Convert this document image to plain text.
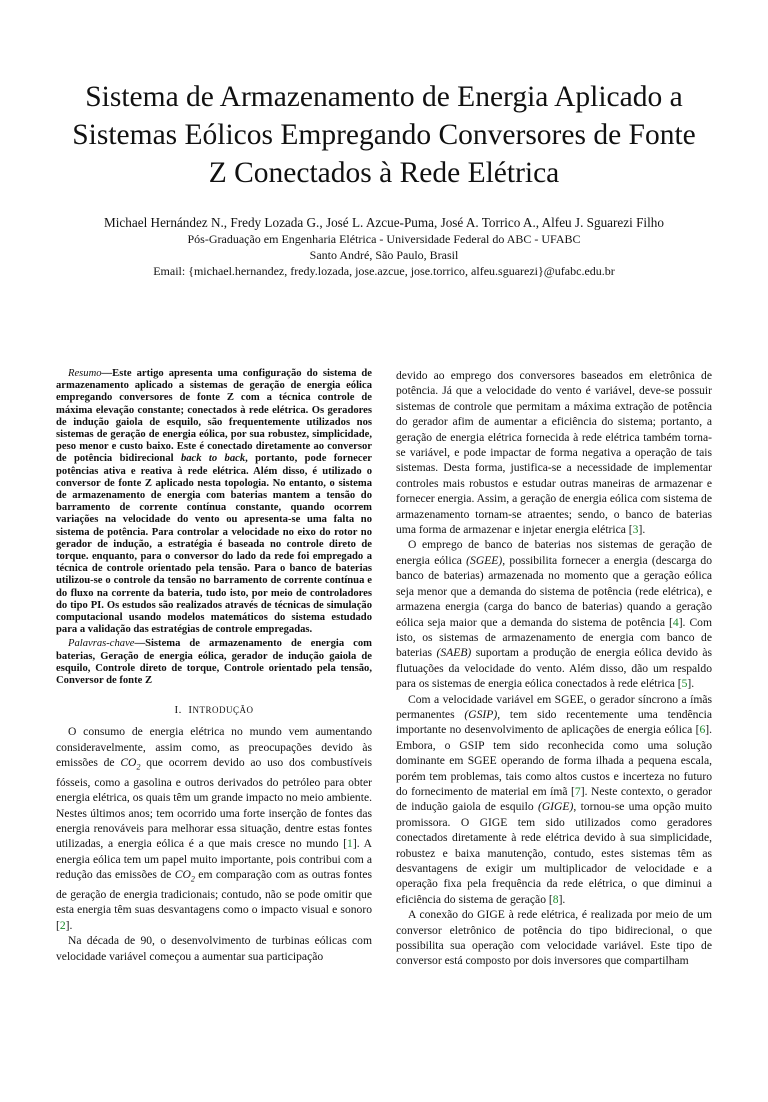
Sistema de Armazenamento de Energia Aplicado a
Sistemas Eólicos Empregando Conversores de Fonte
Z Conectados à Rede Elétrica
Michael Hernández N., Fredy Lozada G., José L. Azcue-Puma, José A. Torrico A., Alfeu J. Sguarezi Filho
Pós-Graduação em Engenharia Elétrica - Universidade Federal do ABC - UFABC
Santo André, São Paulo, Brasil
Email: {michael.hernandez, fredy.lozada, jose.azcue, jose.torrico, alfeu.sguarezi}@ufabc.edu.br

Resumo—Este artigo apresenta uma configuração do sistema de armazenamento aplicado a sistemas de geração de energia eólica empregando conversores de fonte Z com a técnica controle de máxima elevação constante; conectados à rede elétrica. Os geradores de indução gaiola de esquilo, são frequentemente utilizados nos sistemas de geração de energia eólica, por sua robustez, simplicidade, peso menor e custo baixo. Este é conectado diretamente ao conversor de potência bidirecional back to back, portanto, pode fornecer potências ativa e reativa à rede elétrica. Além disso, é utilizado o conversor de fonte Z aplicado nesta topologia. No entanto, o sistema de armazenamento de energia com baterias mantem a tensão do barramento de corrente contínua constante, quando ocorrem variações na velocidade do vento ou apresenta-se uma falta no sistema de potência. Para controlar a velocidade no eixo do rotor no gerador de indução, a estratégia é baseada no controle direto de torque. enquanto, para o conversor do lado da rede foi empregado a técnica de controle orientado pela tensão. Para o banco de baterias utilizou-se o controle da tensão no barramento de corrente contínua e do fluxo na corrente da bateria, tudo isto, por meio de controladores do tipo PI. Os estudos são realizados através de técnicas de simulação computacional usando modelos matemáticos do sistema estudado para a validação das estratégias de controle empregadas.

Palavras-chave—Sistema de armazenamento de energia com baterias, Geração de energia eólica, gerador de indução gaiola de esquilo, Controle direto de torque, Controle orientado pela tensão, Conversor de fonte Z

I. INTRODUÇÃO

O consumo de energia elétrica no mundo vem aumentando consideravelmente, assim como, as preocupações devido às emissões de $CO_2$ que ocorrem devido ao uso dos combustíveis fósseis, como a gasolina e outros derivados do petróleo para obter energia elétrica, os quais têm um grande impacto no meio ambiente. Nestes últimos anos; tem ocorrido uma forte inserção de fontes das energia renováveis para melhorar essa situação, dentre estas fontes utilizadas, a energia eólica é a que mais cresce no mundo [1]. A energia eólica tem um papel muito importante, pois contribui com a redução das emissões de $CO_2$ em comparação com as outras fontes de geração de energia tradicionais; contudo, não se pode omitir que esta energia têm suas desvantagens como o impacto visual e sonoro [2].

Na década de 90, o desenvolvimento de turbinas eólicas com velocidade variável começou a aumentar sua participação

devido ao emprego dos conversores baseados em eletrônica de potência. Já que a velocidade do vento é variável, deve-se possuir sistemas de controle que permitam a máxima extração de potência do gerador afim de aumentar a eficiência do sistema; portanto, a geração de energia elétrica fornecida à rede elétrica também torna-se variável, e pode impactar de forma negativa a operação de tais sistemas. Desta forma, justifica-se a necessidade de implementar controles mais robustos e estudar outras maneiras de armazenar e fornecer energia. Assim, a geração de energia eólica com sistema de armazenamento tornam-se atraentes; sendo, o banco de baterias uma forma de armazenar e injetar energia elétrica [3].

O emprego de banco de baterias nos sistemas de geração de energia eólica (SGEE), possibilita fornecer a energia (descarga do banco de baterias) armazenada no momento que a geração eólica seja menor que a demanda do sistema de potência (rede elétrica), e armazena energia (carga do banco de baterias) quando a geração eólica seja maior que a demanda do sistema de potência [4]. Com isto, os sistemas de armazenamento de energia com banco de baterias (SAEB) suportam a produção de energia eólica devido às flutuações da velocidade do vento. Além disso, dão um respaldo para os sistemas de energia eólica conectados à rede elétrica [5].

Com a velocidade variável em SGEE, o gerador síncrono a ímãs permanentes (GSIP), tem sido recentemente uma tendência importante no desenvolvimento de aplicações de energia eólica [6]. Embora, o GSIP tem sido reconhecida como uma solução dominante em SGEE operando de forma ilhada a pequena escala, porém tem problemas, tais como altos custos e incerteza no futuro do fornecimento de material em ímã [7]. Neste contexto, o gerador de indução gaiola de esquilo (GIGE), tornou-se uma opção muito promissora. O GIGE tem sido utilizados como geradores conectados diretamente à rede elétrica devido à sua simplicidade, robustez e baixa manutenção, contudo, estes sistemas têm as desvantagens de exigir um multiplicador de velocidade e a operação fixa pela frequência da rede elétrica, o que diminui a eficiência do sistema de geração [8].

A conexão do GIGE à rede elétrica, é realizada por meio de um conversor eletrônico de potência do tipo bidirecional, o que possibilita sua operação com velocidade variável. Este tipo de conversor está composto por dois inversores que compartilham
